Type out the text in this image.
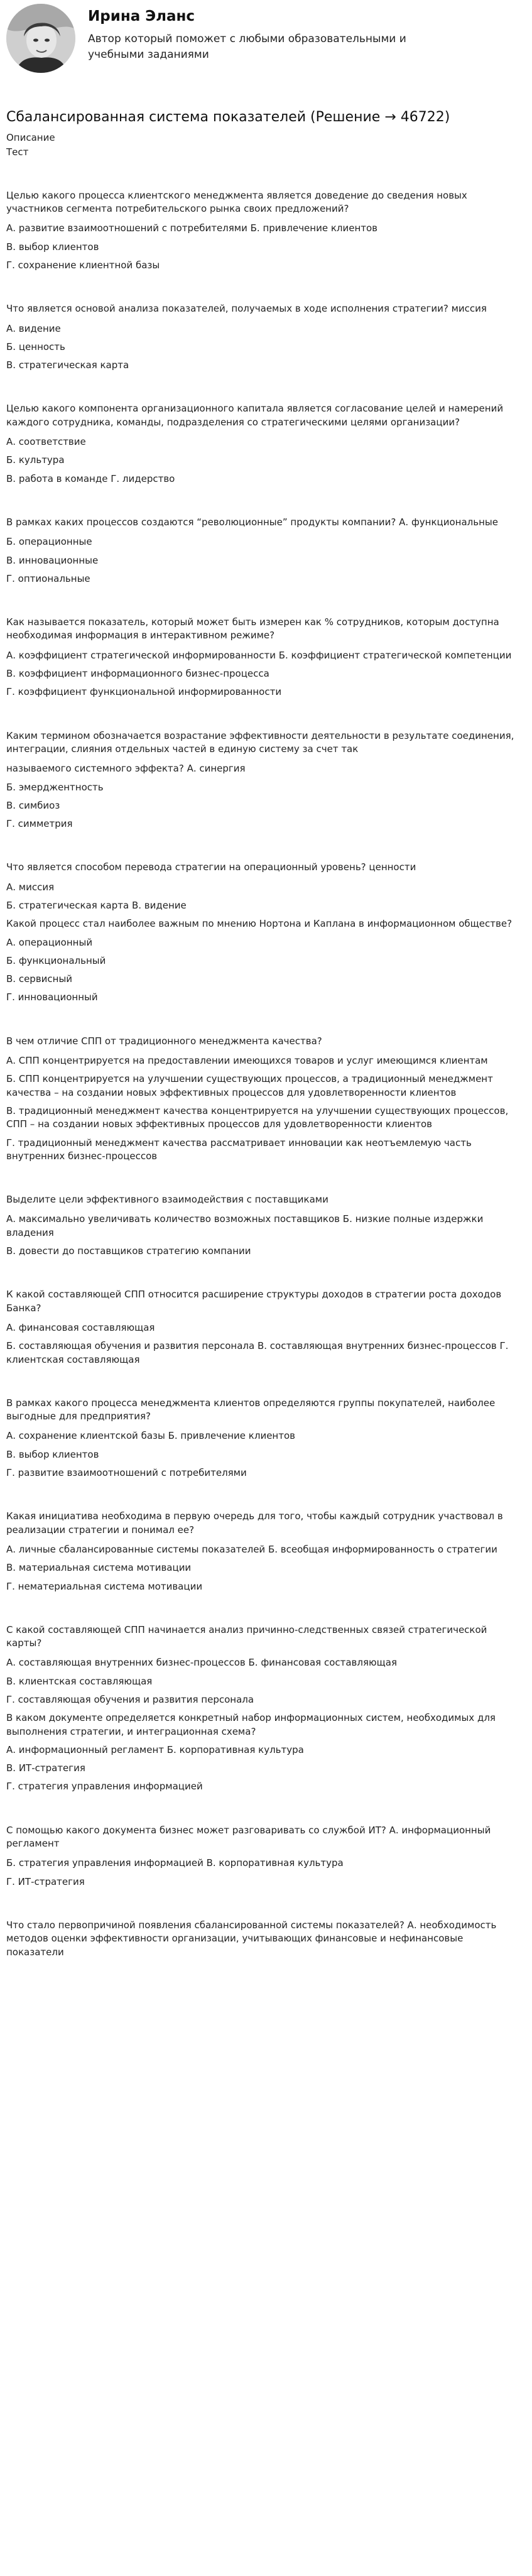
Ирина Эланс
Автор который поможет с любыми образовательными и учебными заданиями
Сбалансированная система показателей (Решение → 46722)
Описание
Тест

Целью какого процесса клиентского менеджмента является доведение до сведения новых участников сегмента потребительского рынка своих предложений?

А. развитие взаимоотношений с потребителями Б. привлечение клиентов

В. выбор клиентов

Г. сохранение клиентной базы

Что является основой анализа показателей, получаемых в ходе исполнения стратегии? миссия

А. видение

Б. ценность

В. стратегическая карта

Целью какого компонента организационного капитала является согласование целей и намерений каждого сотрудника, команды, подразделения со стратегическими целями организации?

А. соответствие

Б. культура

В. работа в команде Г. лидерство

В рамках каких процессов создаются “революционные” продукты компании? А. функциональные

Б. операционные

В. инновационные

Г. оптиональные

Как называется показатель, который может быть измерен как % сотрудников, которым доступна необходимая информация в интерактивном режиме?

А. коэффициент стратегической информированности Б. коэффициент стратегической компетенции

В. коэффициент информационного бизнес-процесса

Г. коэффициент функциональной информированности

Каким термином обозначается возрастание эффективности деятельности в результате соединения, интеграции, слияния отдельных частей в единую систему за счет так

называемого системного эффекта? А. синергия

Б. эмерджентность

В. симбиоз

Г. симметрия

Что является способом перевода стратегии на операционный уровень? ценности

А. миссия

Б. стратегическая карта В. видение

Какой процесс стал наиболее важным по мнению Нортона и Каплана в информационном обществе?

А. операционный

Б. функциональный

В. сервисный

Г. инновационный

В чем отличие СПП от традиционного менеджмента качества?

А. СПП концентрируется на предоставлении имеющихся товаров и услуг имеющимся клиентам

Б. СПП концентрируется на улучшении существующих процессов, а традиционный менеджмент качества – на создании новых эффективных процессов для удовлетворенности клиентов

В. традиционный менеджмент качества концентрируется на улучшении существующих процессов, СПП – на создании новых эффективных процессов для удовлетворенности клиентов

Г. традиционный менеджмент качества рассматривает инновации как неотъемлемую часть внутренних бизнес-процессов

Выделите цели эффективного взаимодействия с поставщиками

А. максимально увеличивать количество возможных поставщиков Б. низкие полные издержки владения

В. довести до поставщиков стратегию компании

К какой составляющей СПП относится расширение структуры доходов в стратегии роста доходов Банка?

А. финансовая составляющая

Б. составляющая обучения и развития персонала В. составляющая внутренних бизнес-процессов Г. клиентская составляющая

В рамках какого процесса менеджмента клиентов определяются группы покупателей, наиболее выгодные для предприятия?

А. сохранение клиентской базы Б. привлечение клиентов

В. выбор клиентов

Г. развитие взаимоотношений с потребителями

Какая инициатива необходима в первую очередь для того, чтобы каждый сотрудник участвовал в реализации стратегии и понимал ее?

А. личные сбалансированные системы показателей Б. всеобщая информированность о стратегии

В. материальная система мотивации

Г. нематериальная система мотивации

С какой составляющей СПП начинается анализ причинно-следственных связей стратегической карты?

А. составляющая внутренних бизнес-процессов Б. финансовая составляющая

В. клиентская составляющая

Г. составляющая обучения и развития персонала

В каком документе определяется конкретный набор информационных систем, необходимых для выполнения стратегии, и интеграционная схема?

А. информационный регламент Б. корпоративная культура

В. ИТ-стратегия

Г. стратегия управления информацией

С помощью какого документа бизнес может разговаривать со службой ИТ? А. информационный регламент

Б. стратегия управления информацией В. корпоративная культура

Г. ИТ-стратегия

Что стало первопричиной появления сбалансированной системы показателей? А. необходимость методов оценки эффективности организации, учитывающих финансовые и нефинансовые показатели
